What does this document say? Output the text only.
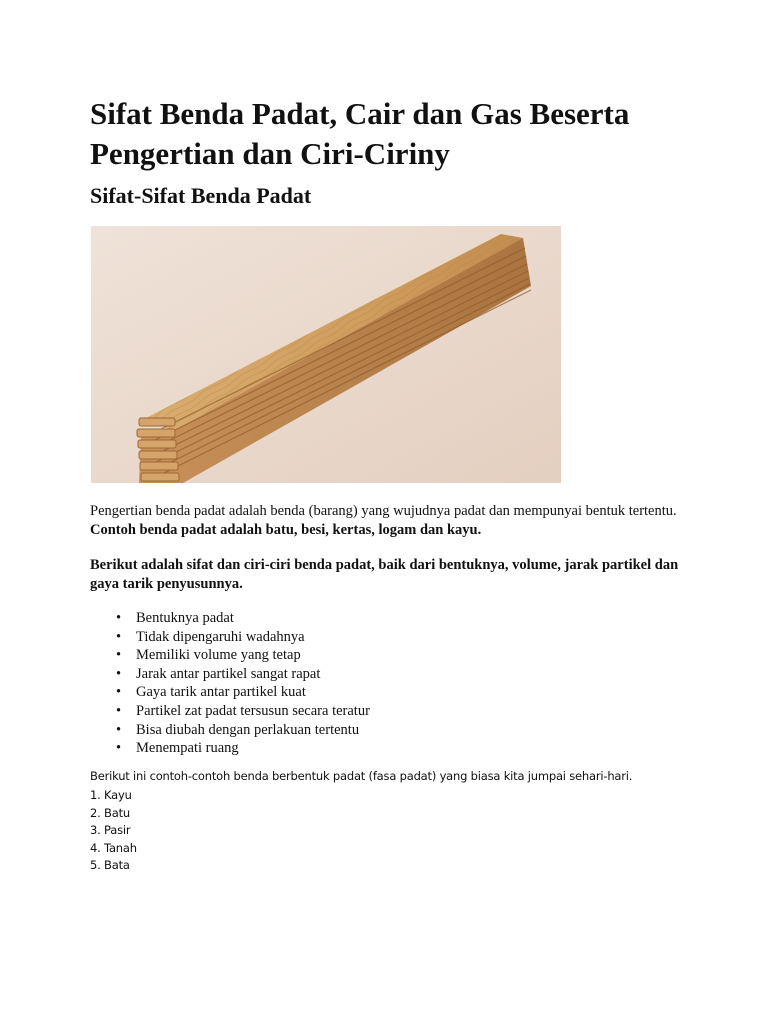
Sifat Benda Padat, Cair dan Gas Beserta Pengertian dan Ciri-Ciriny
Sifat-Sifat Benda Padat

Pengertian benda padat adalah benda (barang) yang wujudnya padat dan mempunyai bentuk tertentu. Contoh benda padat adalah batu, besi, kertas, logam dan kayu.

Berikut adalah sifat dan ciri-ciri benda padat, baik dari bentuknya, volume, jarak partikel dan gaya tarik penyusunnya.

• Bentuknya padat
• Tidak dipengaruhi wadahnya
• Memiliki volume yang tetap
• Jarak antar partikel sangat rapat
• Gaya tarik antar partikel kuat
• Partikel zat padat tersusun secara teratur
• Bisa diubah dengan perlakuan tertentu
• Menempati ruang

Berikut ini contoh-contoh benda berbentuk padat (fasa padat) yang biasa kita jumpai sehari-hari.

1. Kayu
2. Batu
3. Pasir
4. Tanah
5. Bata
